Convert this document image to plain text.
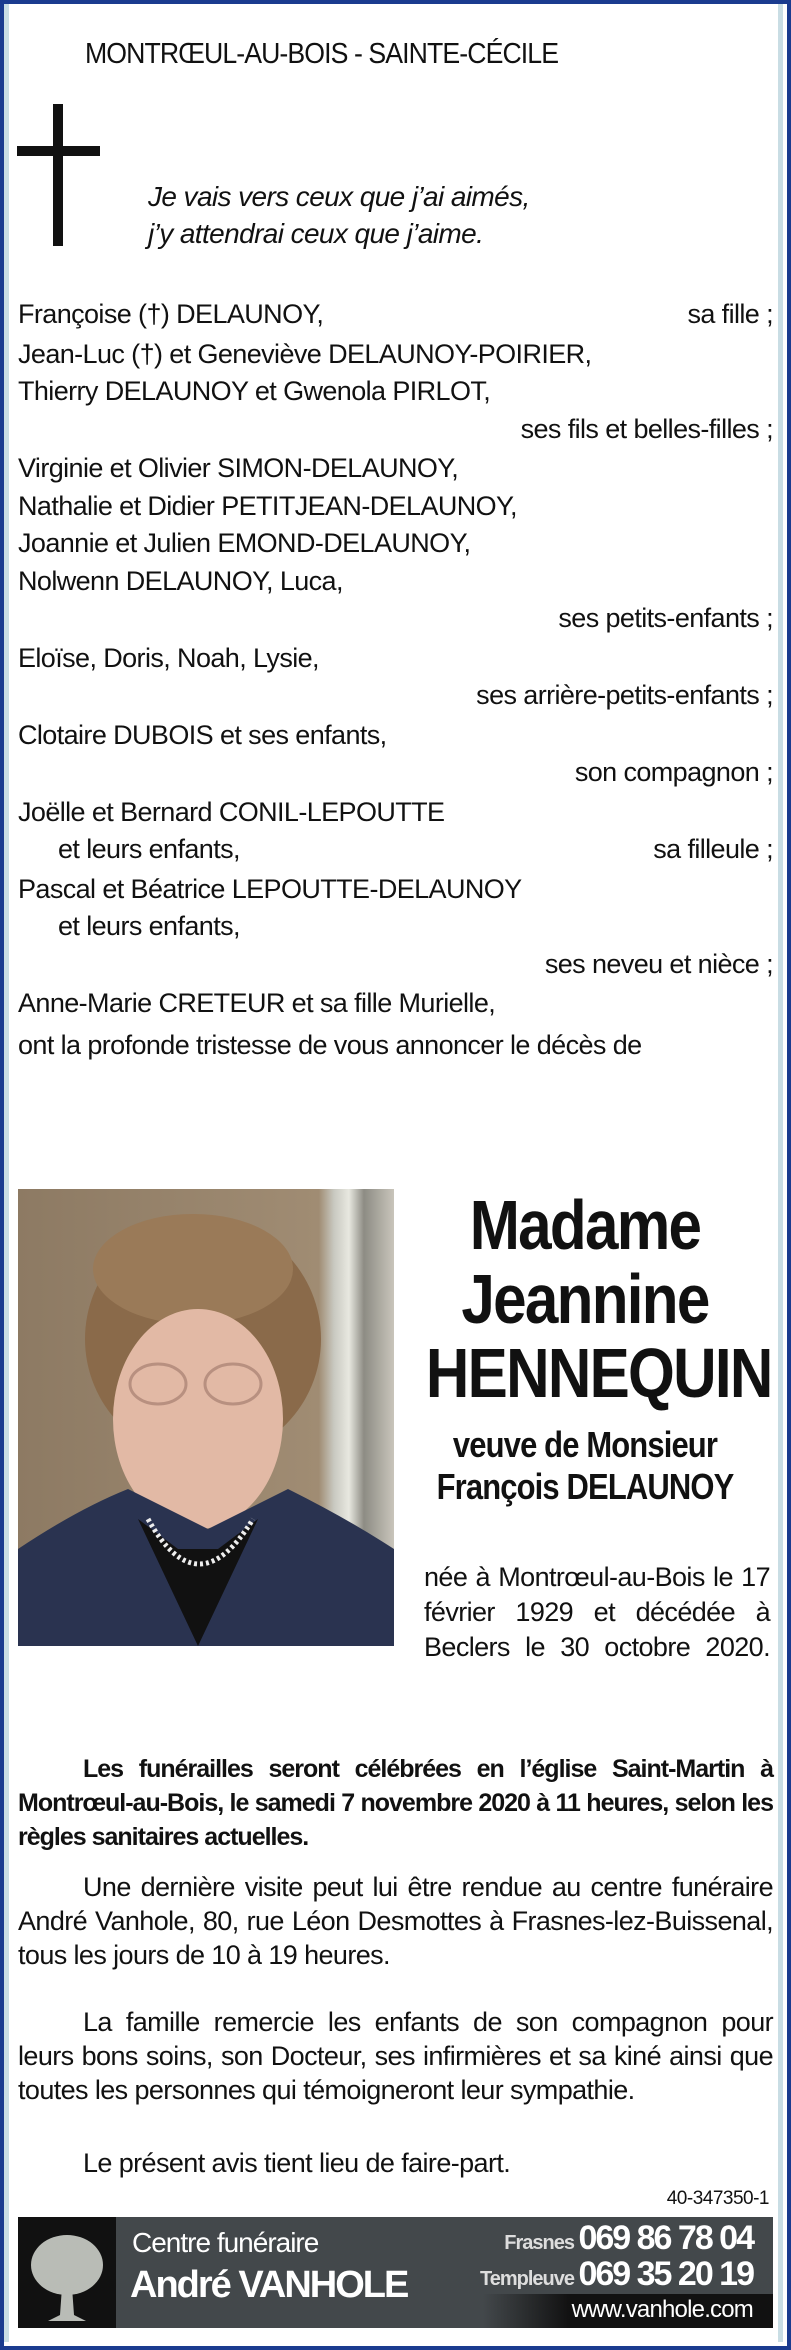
MONTRŒUL-AU-BOIS - SAINTE-CÉCILE
Je vais vers ceux que j’ai aimés,
j’y attendrai ceux que j’aime.
Françoise (†) DELAUNOY,	sa fille ;
Jean-Luc (†) et Geneviève DELAUNOY-POIRIER,
Thierry DELAUNOY et Gwenola PIRLOT,
ses fils et belles-filles ;
Virginie et Olivier SIMON-DELAUNOY,
Nathalie et Didier PETITJEAN-DELAUNOY,
Joannie et Julien EMOND-DELAUNOY,
Nolwenn DELAUNOY, Luca,
ses petits-enfants ;
Eloïse, Doris, Noah, Lysie,
ses arrière-petits-enfants ;
Clotaire DUBOIS et ses enfants,
son compagnon ;
Joëlle et Bernard CONIL-LEPOUTTE
et leurs enfants,	sa filleule ;
Pascal et Béatrice LEPOUTTE-DELAUNOY
et leurs enfants,
ses neveu et nièce ;
Anne-Marie CRETEUR et sa fille Murielle,
ont la profonde tristesse de vous annoncer le décès de
Madame
Jeannine
HENNEQUIN
veuve de Monsieur
François DELAUNOY
née à Montrœul-au-Bois le 17 février 1929 et décédée à Beclers le 30 octobre 2020.
Les funérailles seront célébrées en l’église Saint-Martin à Montrœul-au-Bois, le samedi 7 novembre 2020 à 11 heures, selon les règles sanitaires actuelles.
Une dernière visite peut lui être rendue au centre funéraire André Vanhole, 80, rue Léon Desmottes à Frasnes-lez-Buissenal, tous les jours de 10 à 19 heures.
La famille remercie les enfants de son compagnon pour leurs bons soins, son Docteur, ses infirmières et sa kiné ainsi que toutes les personnes qui témoigneront leur sympathie.
Le présent avis tient lieu de faire-part.
40-347350-1
Centre funéraire
André VANHOLE
Frasnes 069 86 78 04
Templeuve 069 35 20 19
www.vanhole.com
